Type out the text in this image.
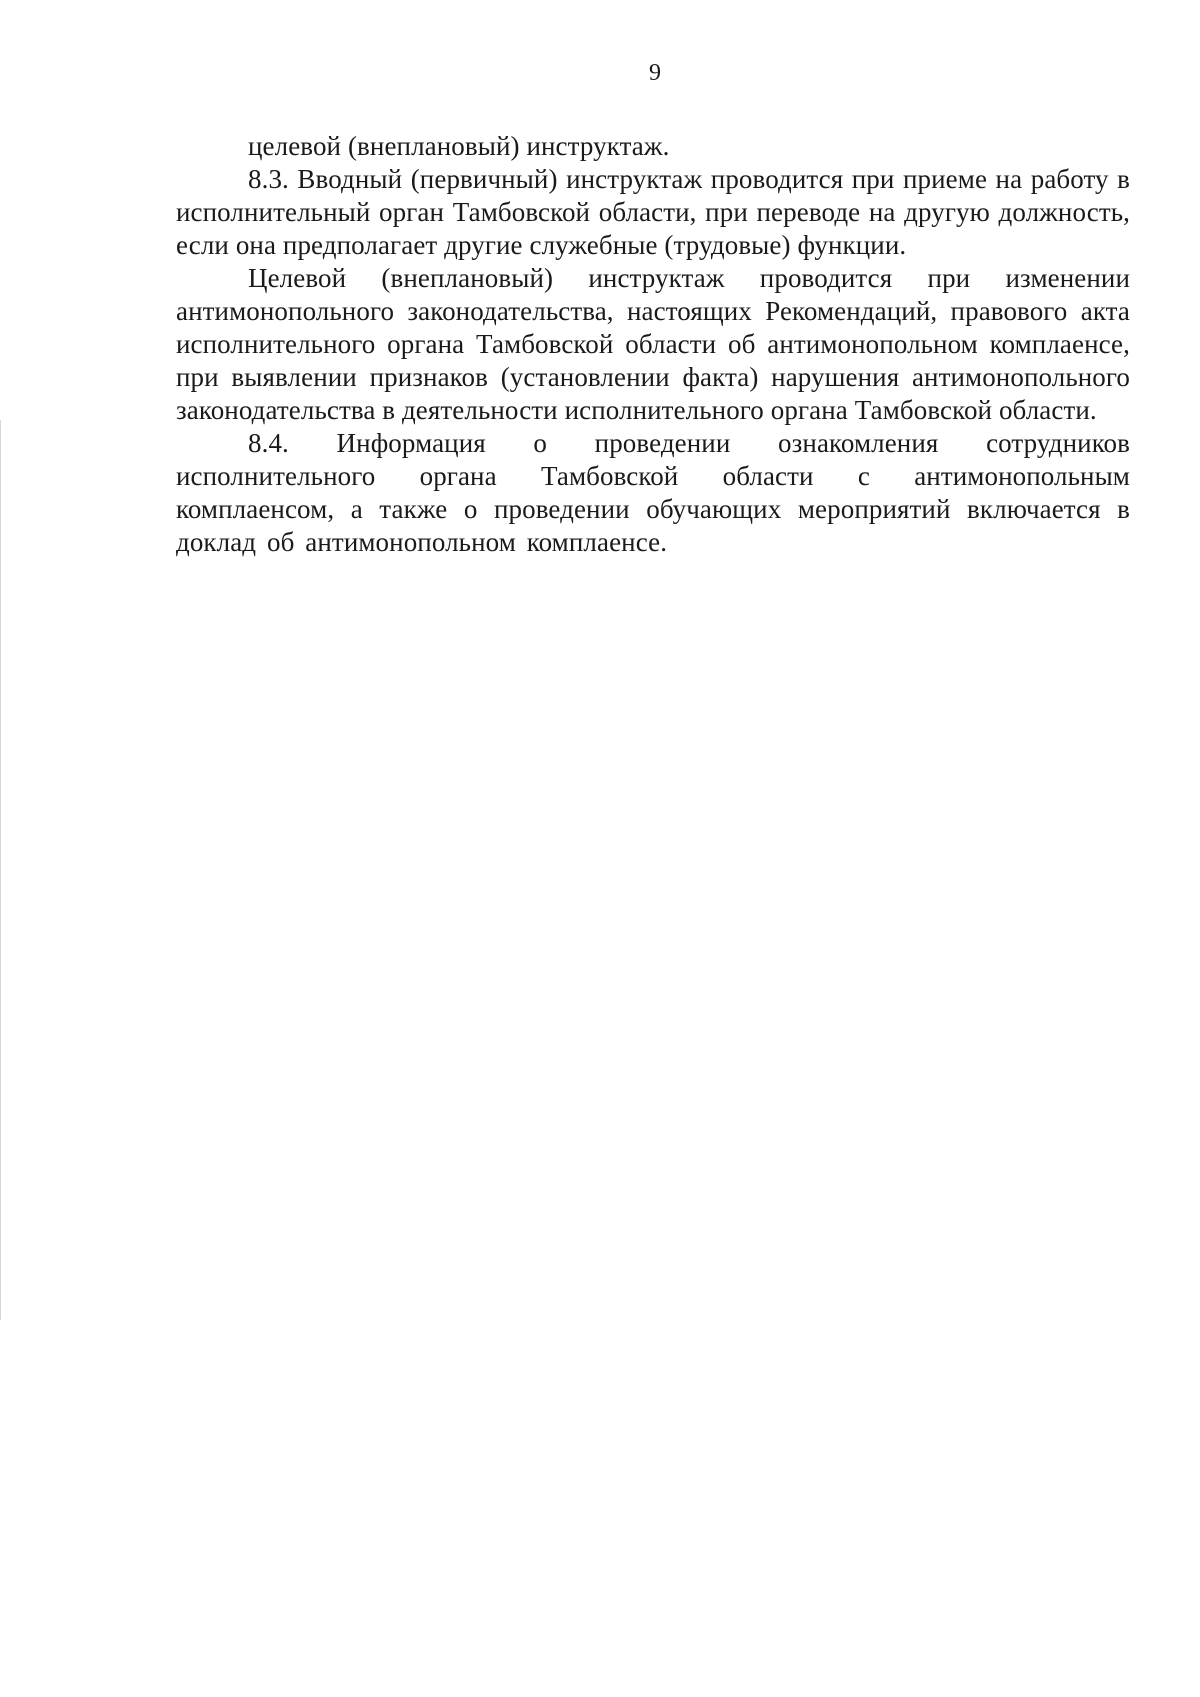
9

целевой (внеплановый) инструктаж.

8.3. Вводный (первичный) инструктаж проводится при приеме на работу в исполнительный орган Тамбовской области, при переводе на другую должность, если она предполагает другие служебные (трудовые) функции.

Целевой (внеплановый) инструктаж проводится при изменении антимонопольного законодательства, настоящих Рекомендаций, правового акта исполнительного органа Тамбовской области об антимонопольном комплаенсе, при выявлении признаков (установлении факта) нарушения антимонопольного законодательства в деятельности исполнительного органа Тамбовской области.

8.4. Информация о проведении ознакомления сотрудников исполнительного органа Тамбовской области с антимонопольным комплаенсом, а также о проведении обучающих мероприятий включается в доклад об антимонопольном комплаенсе.
